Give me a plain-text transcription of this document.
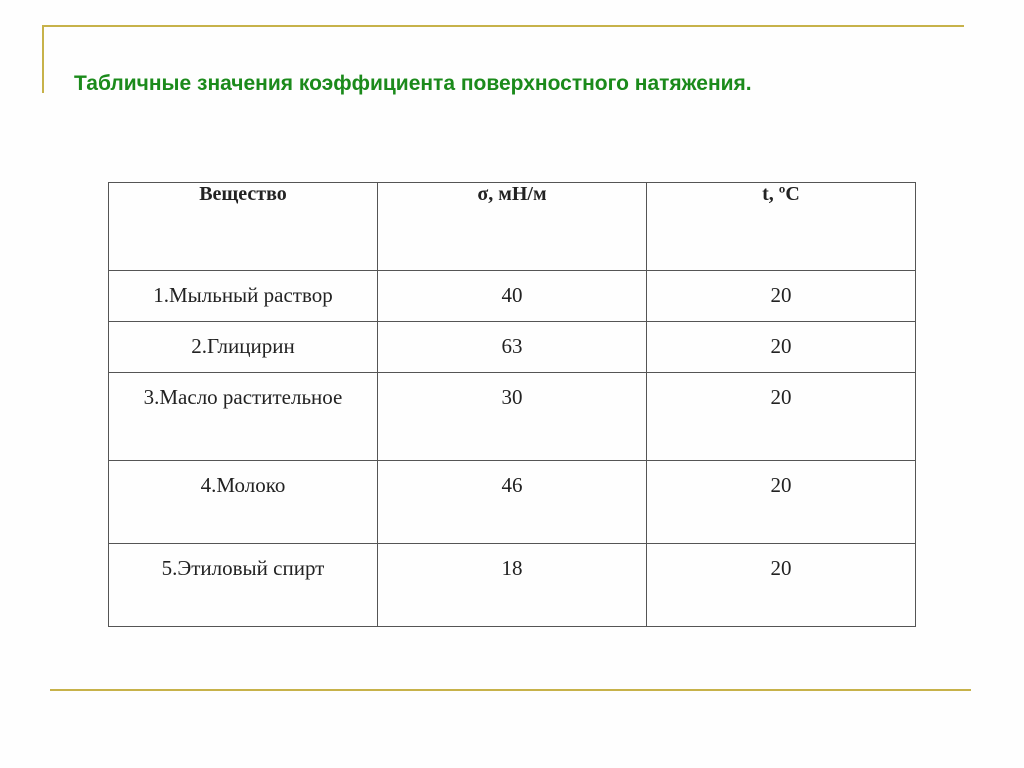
Табличные значения коэффициента поверхностного натяжения.
Вещество	σ, мН/м	t, ºC
1.Мыльный раствор	40	20
2.Глицирин	63	20
3.Масло растительное	30	20
4.Молоко	46	20
5.Этиловый спирт	18	20
